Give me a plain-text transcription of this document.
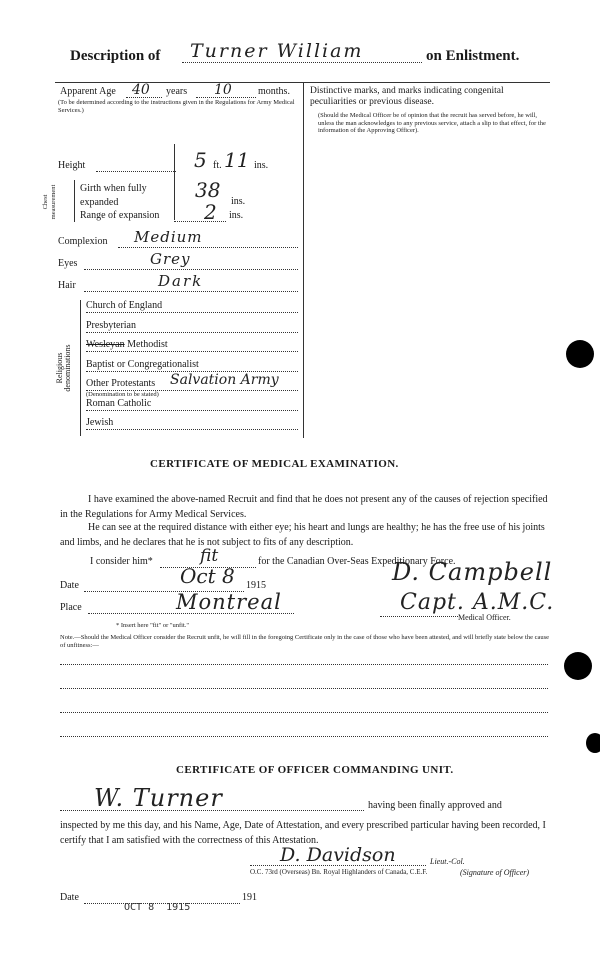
Description of Turner William	on Enlistment.
Apparent Age 40 years 10	months.
(To be determined according to the instructions given in the Regulations for Army Medical Services.)
Distinctive marks, and marks indicating congenital peculiarities or previous disease.
(Should the Medical Officer be of opinion that the recruit has served before, he will, unless the man acknowledges to any previous service, attach a slip to that effect, for the information of the Approving Officer).
Height	5 ft. 11 ins.
Chest measurement Girth when fully expanded
38 ins.
Range of expansion 2 ins.
Complexion Medium
Eyes	Grey
Hair	Dark
Religious denominations
Church of England
Presbyterian
Wesleyan Methodist
Baptist or Congregationalist
Other Protestants
Roman Catholic
Jewish
Salvation Army
(Denomination to be stated)
CERTIFICATE OF MEDICAL EXAMINATION.
I have examined the above-named Recruit and find that he does not present any of the causes of rejection specified in the Regulations for Army Medical Services.
He can see at the required distance with either eye; his heart and lungs are healthy; he has the free use of his joints and limbs, and he declares that he is not subject to fits of any description.
I consider him*	fit	for the Canadian Over-Seas Expeditionary Force.
Date	Oct 8 1915
Place	Montreal
D. Campbell
Capt. A.M.C.
Medical Officer.
* Insert here "fit" or "unfit."
Note.—Should the Medical Officer consider the Recruit unfit, he will fill in the foregoing Certificate only in the case of those who have been attested, and will briefly state below the cause of unfitness:—
CERTIFICATE OF OFFICER COMMANDING UNIT.
W. Turner	having been finally approved and
inspected by me this day, and his Name, Age, Date of Attestation, and every prescribed particular having been recorded, I certify that I am satisfied with the correctness of this Attestation.
D. Davidson	Lieut.-Col.
O.C. 73rd (Overseas) Bn. Royal Highlanders of Canada, C.E.F.	(Signature of Officer)
Date
OCT 8  1915
191
